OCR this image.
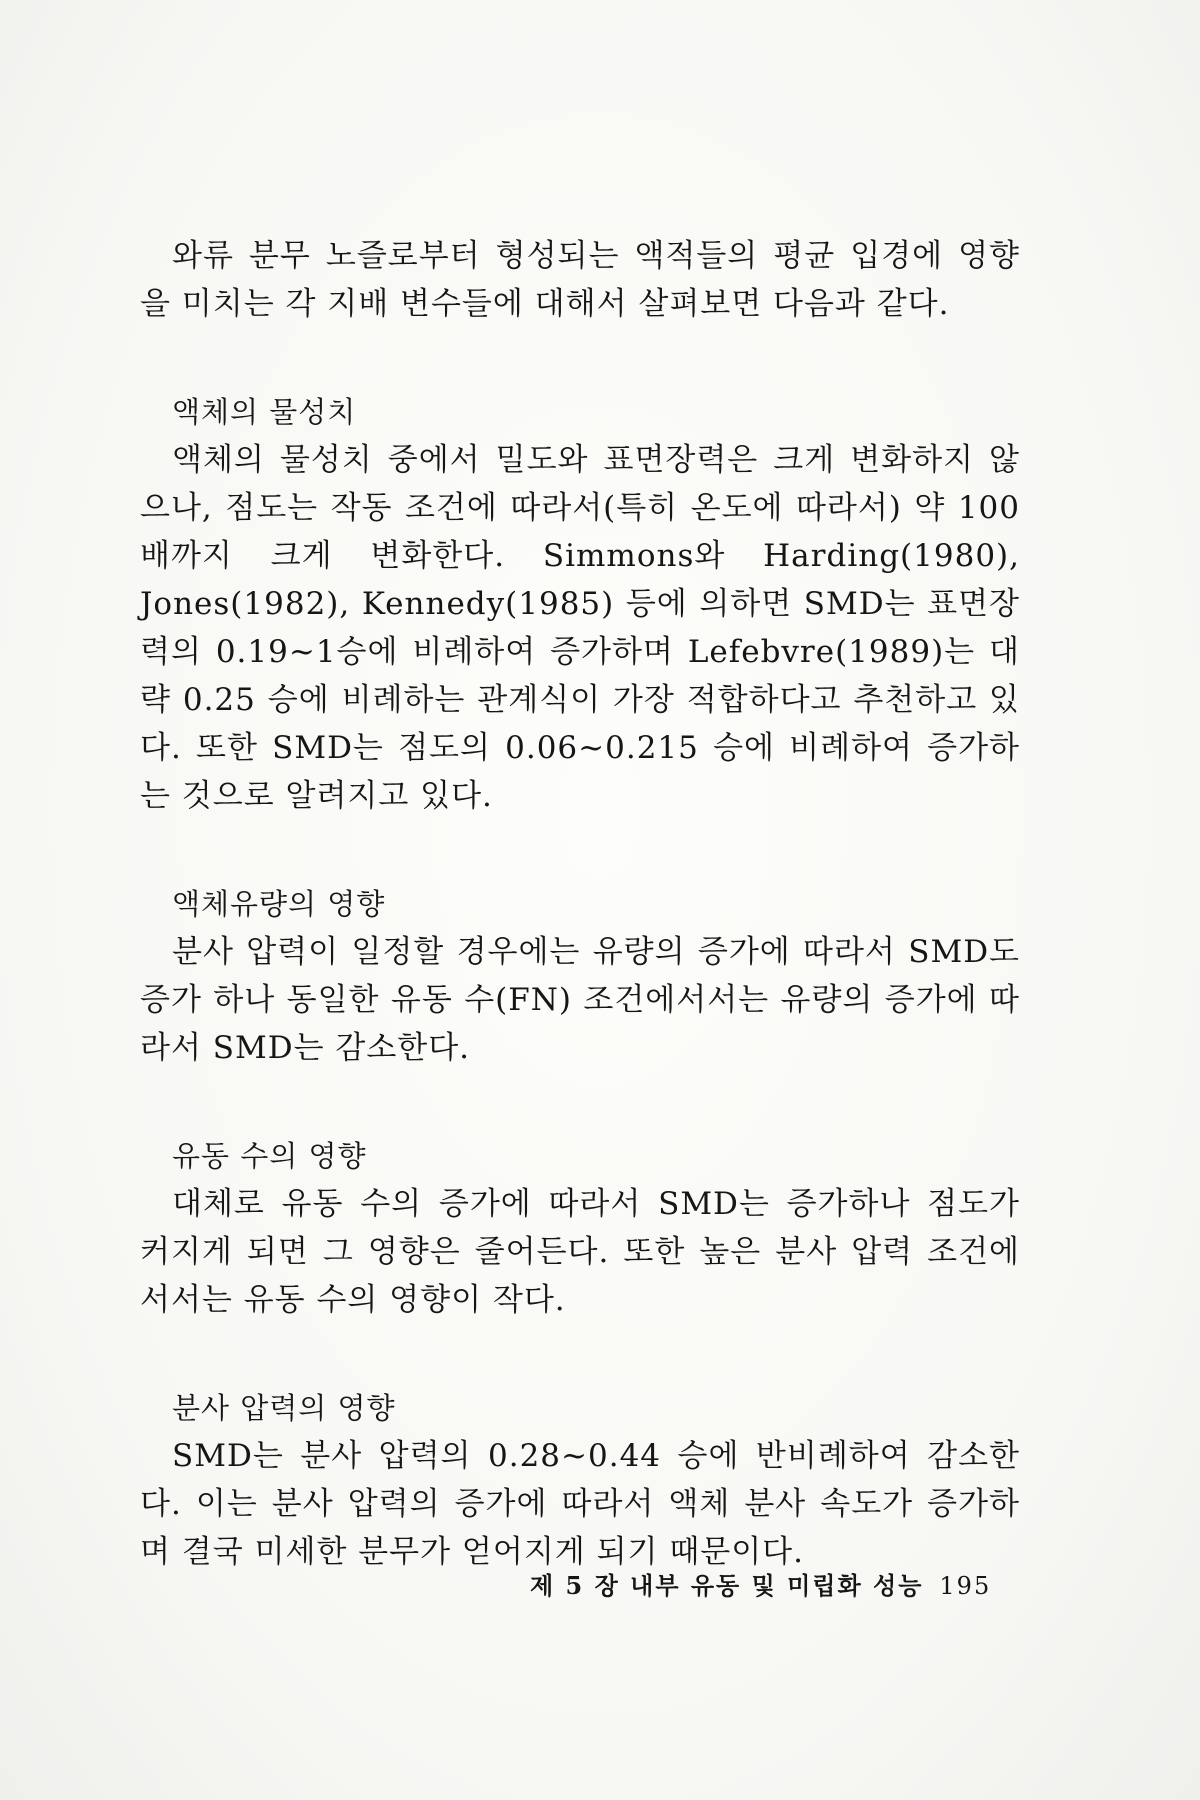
와류 분무 노즐로부터 형성되는 액적들의 평균 입경에 영향을 미치는 각 지배 변수들에 대해서 살펴보면 다음과 같다.

액체의 물성치

액체의 물성치 중에서 밀도와 표면장력은 크게 변화하지 않으나, 점도는 작동 조건에 따라서(특히 온도에 따라서) 약 100배까지 크게 변화한다. Simmons와 Harding(1980), Jones(1982), Kennedy(1985) 등에 의하면 SMD는 표면장력의 0.19~1승에 비례하여 증가하며 Lefebvre(1989)는 대략 0.25 승에 비례하는 관계식이 가장 적합하다고 추천하고 있다. 또한 SMD는 점도의 0.06~0.215 승에 비례하여 증가하는 것으로 알려지고 있다.

액체유량의 영향

분사 압력이 일정할 경우에는 유량의 증가에 따라서 SMD도 증가 하나 동일한 유동 수(FN) 조건에서서는 유량의 증가에 따라서 SMD는 감소한다.

유동 수의 영향

대체로 유동 수의 증가에 따라서 SMD는 증가하나 점도가 커지게 되면 그 영향은 줄어든다. 또한 높은 분사 압력 조건에서서는 유동 수의 영향이 작다.

분사 압력의 영향

SMD는 분사 압력의 0.28~0.44 승에 반비례하여 감소한다. 이는 분사 압력의 증가에 따라서 액체 분사 속도가 증가하며 결국 미세한 분무가 얻어지게 되기 때문이다.

제 5 장 내부 유동 및 미립화 성능 195
